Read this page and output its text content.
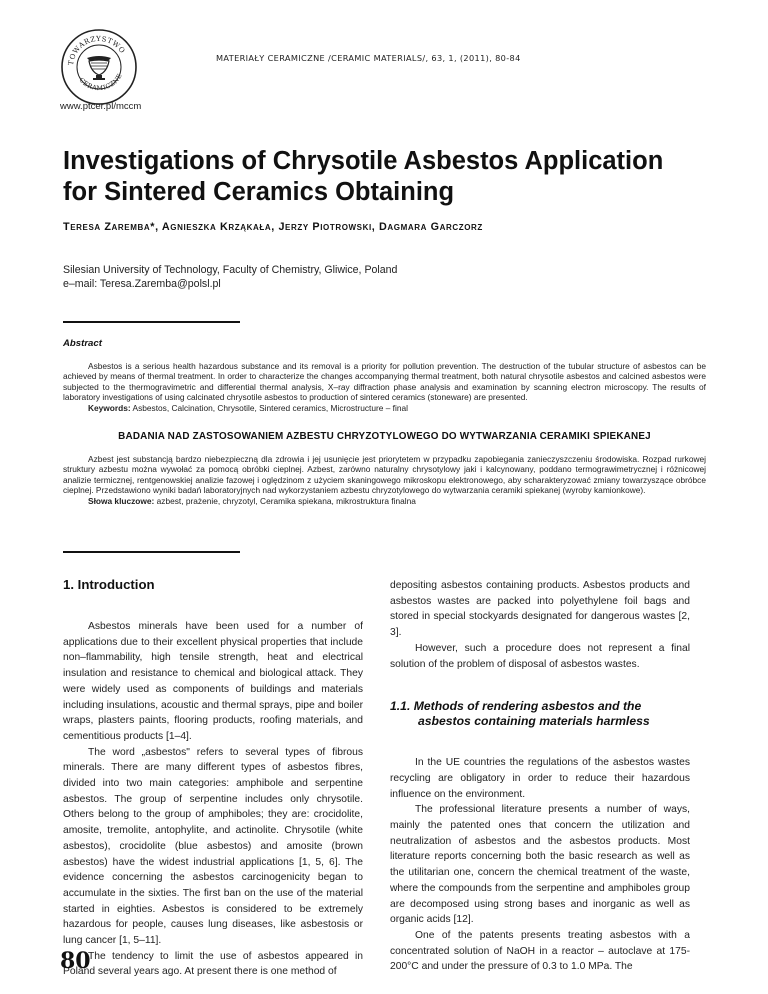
TOWARZYSTWO
CERAMICZNE
MATERIAŁY CERAMICZNE /CERAMIC MATERIALS/, 63, 1, (2011), 80-84
www.ptcer.pl/mccm
Investigations of Chrysotile Asbestos Application
for Sintered Ceramics Obtaining
Teresa Zaremba*, Agnieszka Krząkała, Jerzy Piotrowski, Dagmara Garczorz
Silesian University of Technology, Faculty of Chemistry, Gliwice, Poland
e–mail: Teresa.Zaremba@polsl.pl
Abstract

Asbestos is a serious health hazardous substance and its removal is a priority for pollution prevention. The destruction of the tubular structure of asbestos can be achieved by means of thermal treatment. In order to characterize the changes accompanying thermal treatment, both natural chrysotile asbestos and calcined asbestos were subjected to the thermogravimetric and differential thermal analysis, X–ray diffraction phase analysis and examination by scanning electron microscopy. The results of laboratory investigations of using calcinated chrysotile asbestos to production of sintered ceramics (stoneware) are presented.

Keywords: Asbestos, Calcination, Chrysotile, Sintered ceramics, Microstructure – final

BADANIA NAD ZASTOSOWANIEM AZBESTU CHRYZOTYLOWEGO DO WYTWARZANIA CERAMIKI SPIEKANEJ

Azbest jest substancją bardzo niebezpieczną dla zdrowia i jej usunięcie jest priorytetem w przypadku zapobiegania zanieczyszczeniu środowiska. Rozpad rurkowej struktury azbestu można wywołać za pomocą obróbki cieplnej. Azbest, zarówno naturalny chrysotylowy jaki i kalcynowany, poddano termograwimetrycznej i różnicowej analizie termicznej, rentgenowskiej analizie fazowej i oględzinom z użyciem skaningowego mikroskopu elektronowego, aby scharakteryzować zmiany towarzyszące obróbce cieplnej. Przedstawiono wyniki badań laboratoryjnych nad wykorzystaniem azbestu chryzotylowego do wytwarzania ceramiki spiekanej (wyroby kamionkowe).

Słowa kluczowe: azbest, prażenie, chryzotyl, Ceramika spiekana, mikrostruktura finalna

1. Introduction

Asbestos minerals have been used for a number of applications due to their excellent physical properties that include non–flammability, high tensile strength, heat and electrical insulation and resistance to chemical and biological attack. They were widely used as components of buildings and materials including insulations, acoustic and thermal sprays, pipe and boiler wraps, plasters paints, flooring products, roofing materials, and cementitious products [1–4].

The word „asbestos" refers to several types of fibrous minerals. There are many different types of asbestos fibres, divided into two main categories: amphibole and serpentine asbestos. The group of serpentine includes only chrysotile. Others belong to the group of amphiboles; they are: crocidolite, amosite, tremolite, antophylite, and actinolite. Chrysotile (white asbestos), crocidolite (blue asbestos) and amosite (brown asbestos) have the widest industrial applications [1, 5, 6]. The evidence concerning the asbestos carcinogenicity began to accumulate in the sixties. The first ban on the use of the material started in eighties. Asbestos is considered to be extremely hazardous for people, causes lung diseases, like asbestosis or lung cancer [1, 5–11].

The tendency to limit the use of asbestos appeared in Poland several years ago. At present there is one method of

depositing asbestos containing products. Asbestos products and asbestos wastes are packed into polyethylene foil bags and stored in special stockyards designated for dangerous wastes [2, 3].

However, such a procedure does not represent a final solution of the problem of disposal of asbestos wastes.

1.1. Methods of rendering asbestos and the
asbestos containing materials harmless

In the UE countries the regulations of the asbestos wastes recycling are obligatory in order to reduce their hazardous influence on the environment.

The professional literature presents a number of ways, mainly the patented ones that concern the utilization and neutralization of asbestos and the asbestos products. Most literature reports concerning both the basic research as well as the utilitarian one, concern the chemical treatment of the waste, where the compounds from the serpentine and amphiboles group are decomposed using strong bases and inorganic as well as organic acids [12].

One of the patents presents treating asbestos with a concentrated solution of NaOH in a reactor – autoclave at 175-200°C and under the pressure of 0.3 to 1.0 MPa. The

80
